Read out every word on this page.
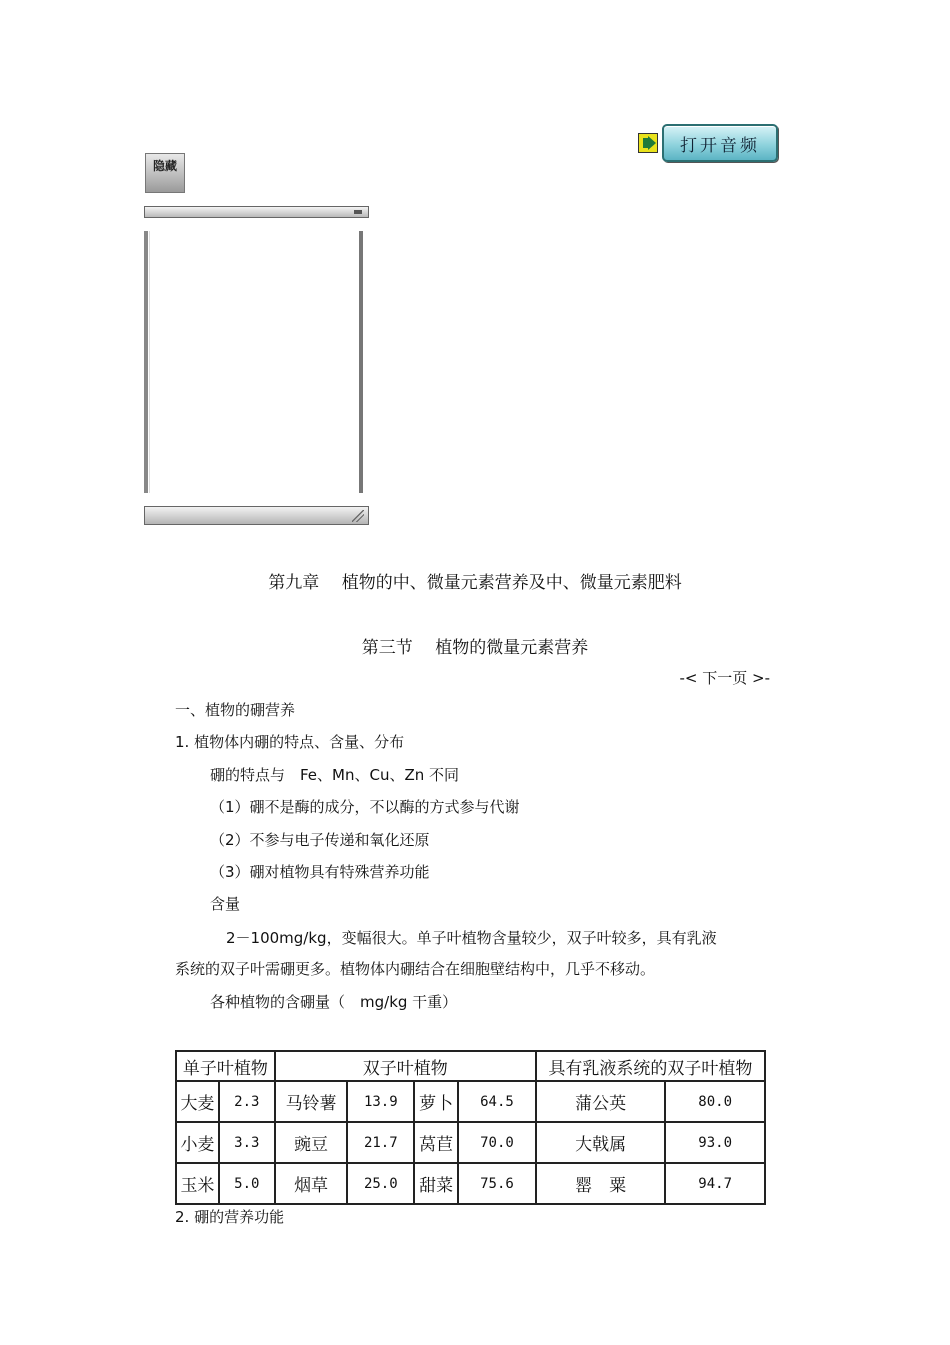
打开音频
隐藏
第九章　 植物的中、微量元素营养及中、微量元素肥料
第三节　 植物的微量元素营养
-< 下一页 >-
一、植物的硼营养
1. 植物体内硼的特点、含量、分布
硼的特点与　Fe、Mn、Cu、Zn 不同
（1）硼不是酶的成分，不以酶的方式参与代谢
（2）不参与电子传递和氧化还原
（3）硼对植物具有特殊营养功能
含量
2－100mg/kg，变幅很大。单子叶植物含量较少，双子叶较多，具有乳液
系统的双子叶需硼更多。植物体内硼结合在细胞壁结构中，几乎不移动。
各种植物的含硼量（　mg/kg 干重）
单子叶植物		双子叶植物				具有乳液系统的双子叶植物	
大麦	2.3	马铃薯	13.9	萝卜	64.5	蒲公英	80.0
小麦	3.3	豌豆	21.7	莴苣	70.0	大戟属	93.0
玉米	5.0	烟草	25.0	甜菜	75.6	罂　粟	94.7
2. 硼的营养功能
